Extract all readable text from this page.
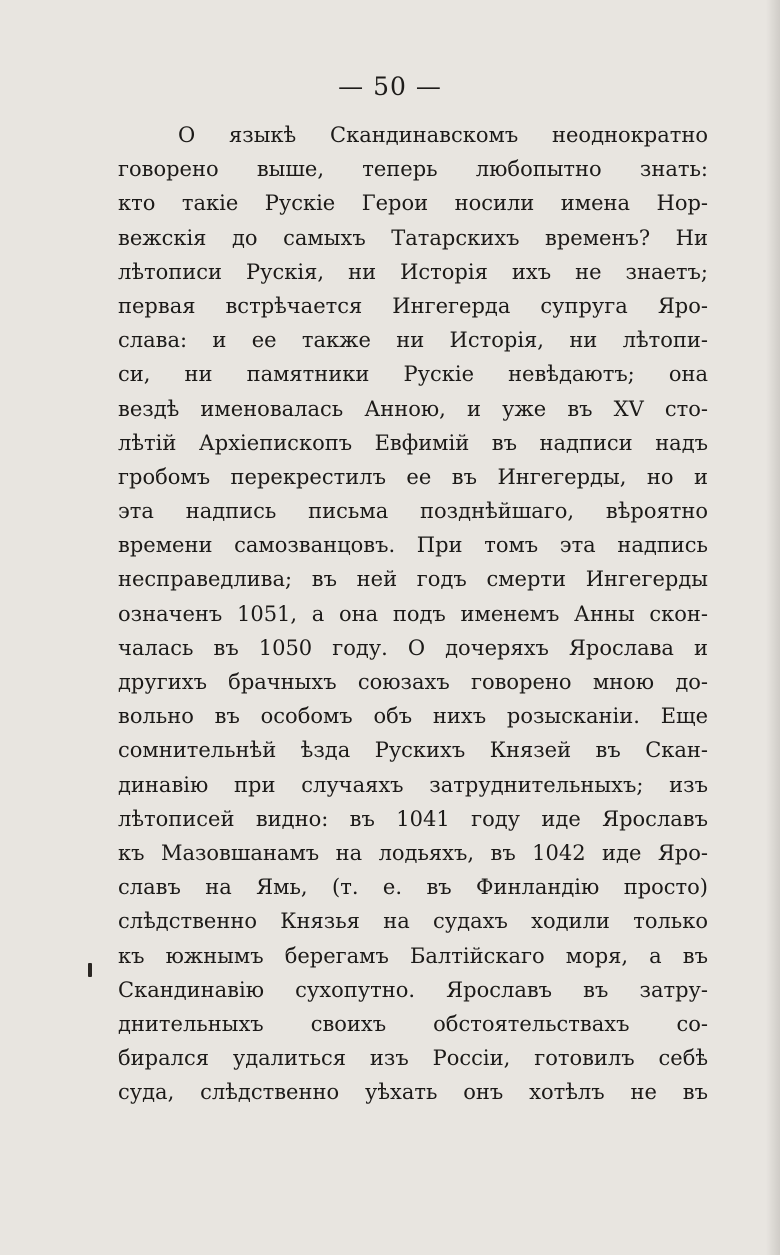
— 50 —
О языкѣ Скандинавскомъ неоднократно
говорено выше, теперь любопытно знать:
кто такіе Рускіе Герои носили имена Нор-
вежскія до самыхъ Татарскихъ временъ? Ни
лѣтописи Рускія, ни Исторія ихъ не знаетъ;
первая встрѣчается Ингегерда супруга Яро-
слава: и ее также ни Исторія, ни лѣтопи-
си, ни памятники Рускіе невѣдаютъ; она
вездѣ именовалась Анною, и уже въ XV сто-
лѣтій Архіепископъ Евфимій въ надписи надъ
гробомъ перекрестилъ ее въ Ингегерды, но и
эта надпись письма позднѣйшаго, вѣроятно
времени самозванцовъ. При томъ эта надпись
несправедлива; въ ней годъ смерти Ингегерды
означенъ 1051, а она подъ именемъ Анны скон-
чалась въ 1050 году. О дочеряхъ Ярослава и
другихъ брачныхъ союзахъ говорено мною до-
вольно въ особомъ объ нихъ розысканіи. Еще
сомнительнѣй ѣзда Рускихъ Князей въ Скан-
динавію при случаяхъ затруднительныхъ; изъ
лѣтописей видно: въ 1041 году иде Ярославъ
къ Мазовшанамъ на лодьяхъ, въ 1042 иде Яро-
славъ на Ямь, (т. е. въ Финландію просто)
слѣдственно Князья на судахъ ходили только
къ южнымъ берегамъ Балтійскаго моря, а въ
Скандинавію сухопутно. Ярославъ въ затру-
днительныхъ своихъ обстоятельствахъ со-
бирался удалиться изъ Россіи, готовилъ себѣ
суда, слѣдственно уѣхать онъ хотѣлъ не въ
